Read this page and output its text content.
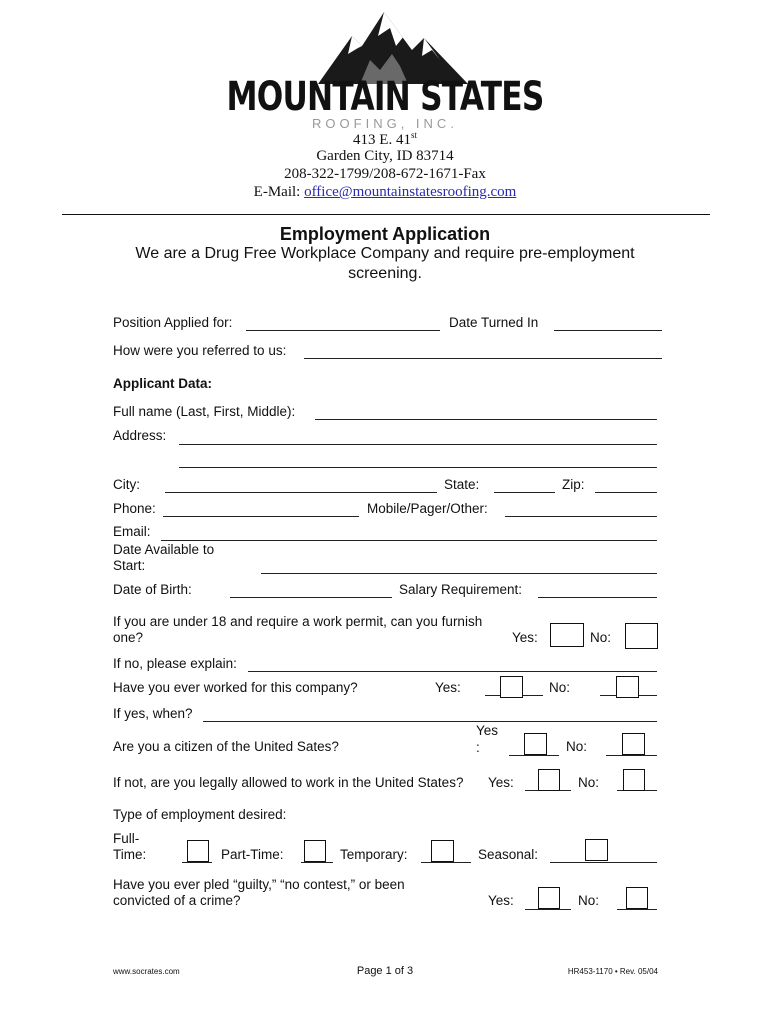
MOUNTAIN STATES
ROOFING, INC.
413 E. 41st
Garden City, ID 83714
208-322-1799/208-672-1671-Fax
E-Mail: office@mountainstatesroofing.com
Employment Application
We are a Drug Free Workplace Company and require pre-employment
screening.
Position Applied for:	Date Turned In
How were you referred to us:
Applicant Data:
Full name (Last, First, Middle):
Address:
City:	State:	Zip:
Phone:	Mobile/Pager/Other:
Email:
Date Available to
Start:
Date of Birth:	Salary Requirement:
If you are under 18 and require a work permit, can you furnish
one?	Yes:	No:
If no, please explain:
Have you ever worked for this company?	Yes:	No:
If yes, when?
Are you a citizen of the United Sates?
Yes
:	No:
If not, are you legally allowed to work in the United States? Yes:	No:
Type of employment desired:
Full-
Time:	Part-Time:	Temporary:	Seasonal:
Have you ever pled “guilty,” “no contest,” or been
convicted of a crime?	Yes:	No:
www.socrates.com	Page 1 of 3	HR453-1170 • Rev. 05/04
